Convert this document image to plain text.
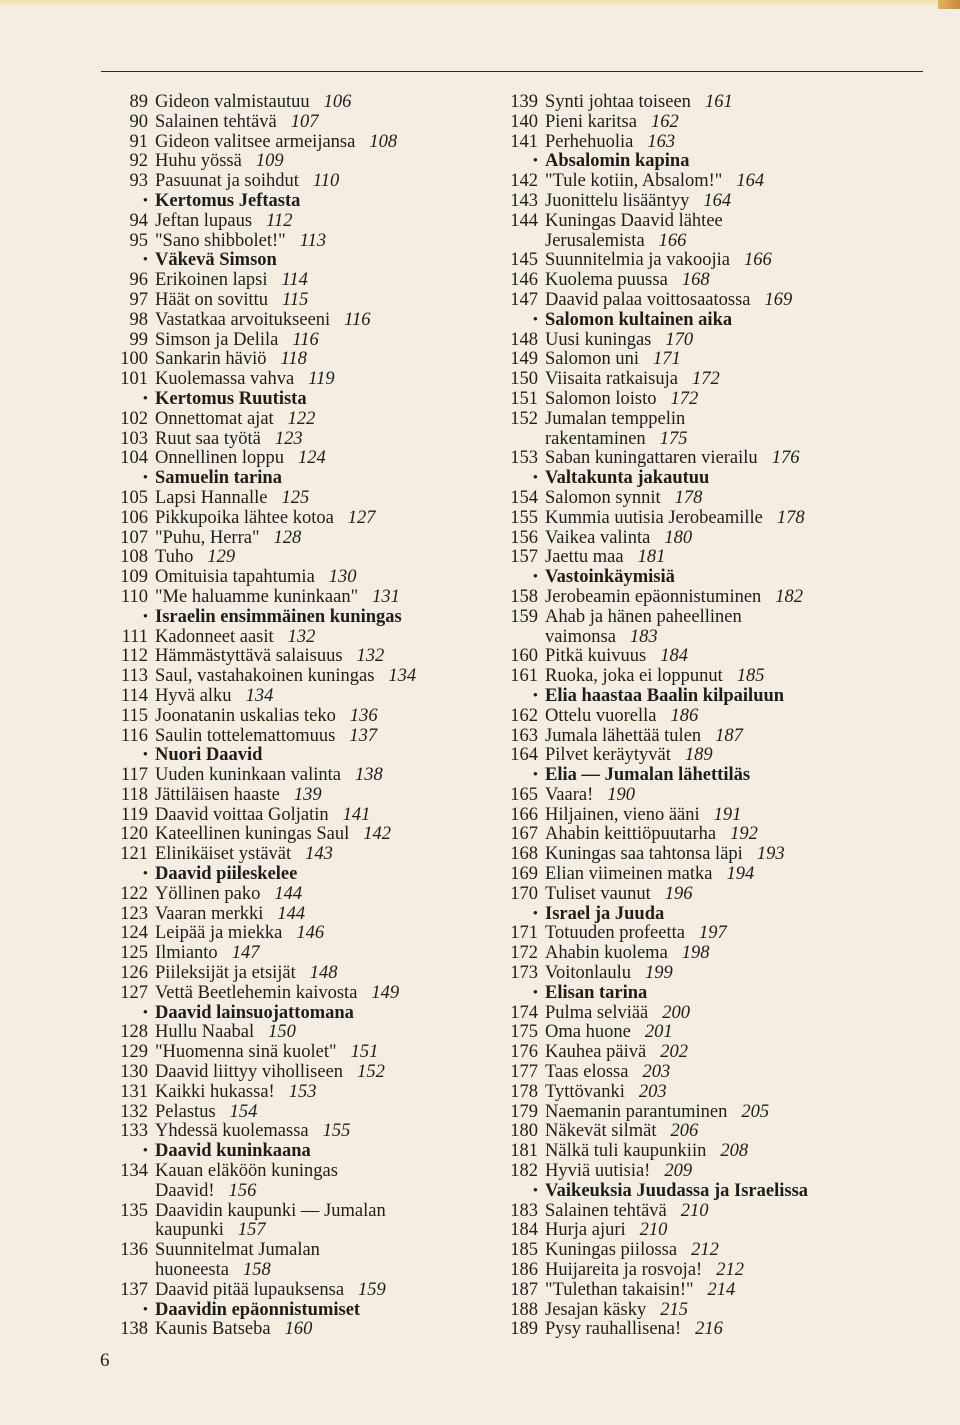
89 Gideon valmistautuu 106
90 Salainen tehtävä 107
91 Gideon valitsee armeijansa 108
92 Huhu yössä 109
93 Pasuunat ja soihdut 110
• Kertomus Jeftasta
94 Jeftan lupaus 112
95 "Sano shibbolet!" 113
• Väkevä Simson
96 Erikoinen lapsi 114
97 Häät on sovittu 115
98 Vastatkaa arvoitukseeni 116
99 Simson ja Delila 116
100 Sankarin häviö 118
101 Kuolemassa vahva 119
• Kertomus Ruutista
102 Onnettomat ajat 122
103 Ruut saa työtä 123
104 Onnellinen loppu 124
• Samuelin tarina
105 Lapsi Hannalle 125
106 Pikkupoika lähtee kotoa 127
107 "Puhu, Herra" 128
108 Tuho 129
109 Omituisia tapahtumia 130
110 "Me haluamme kuninkaan" 131
• Israelin ensimmäinen kuningas
111 Kadonneet aasit 132
112 Hämmästyttävä salaisuus 132
113 Saul, vastahakoinen kuningas 134
114 Hyvä alku 134
115 Joonatanin uskalias teko 136
116 Saulin tottelemattomuus 137
• Nuori Daavid
117 Uuden kuninkaan valinta 138
118 Jättiläisen haaste 139
119 Daavid voittaa Goljatin 141
120 Kateellinen kuningas Saul 142
121 Elinikäiset ystävät 143
• Daavid piileskelee
122 Yöllinen pako 144
123 Vaaran merkki 144
124 Leipää ja miekka 146
125 Ilmianto 147
126 Piileksijät ja etsijät 148
127 Vettä Beetlehemin kaivosta 149
• Daavid lainsuojattomana
128 Hullu Naabal 150
129 "Huomenna sinä kuolet" 151
130 Daavid liittyy viholliseen 152
131 Kaikki hukassa! 153
132 Pelastus 154
133 Yhdessä kuolemassa 155
• Daavid kuninkaana
134 Kauan eläköön kuningas
Daavid! 156
135 Daavidin kaupunki — Jumalan
kaupunki 157
136 Suunnitelmat Jumalan
huoneesta 158
137 Daavid pitää lupauksensa 159
• Daavidin epäonnistumiset
138 Kaunis Batseba 160
139 Synti johtaa toiseen 161
140 Pieni karitsa 162
141 Perhehuolia 163
• Absalomin kapina
142 "Tule kotiin, Absalom!" 164
143 Juonittelu lisääntyy 164
144 Kuningas Daavid lähtee
Jerusalemista 166
145 Suunnitelmia ja vakoojia 166
146 Kuolema puussa 168
147 Daavid palaa voittosaatossa 169
• Salomon kultainen aika
148 Uusi kuningas 170
149 Salomon uni 171
150 Viisaita ratkaisuja 172
151 Salomon loisto 172
152 Jumalan temppelin
rakentaminen 175
153 Saban kuningattaren vierailu 176
• Valtakunta jakautuu
154 Salomon synnit 178
155 Kummia uutisia Jerobeamille 178
156 Vaikea valinta 180
157 Jaettu maa 181
• Vastoinkäymisiä
158 Jerobeamin epäonnistuminen 182
159 Ahab ja hänen paheellinen
vaimonsa 183
160 Pitkä kuivuus 184
161 Ruoka, joka ei loppunut 185
• Elia haastaa Baalin kilpailuun
162 Ottelu vuorella 186
163 Jumala lähettää tulen 187
164 Pilvet keräytyvät 189
• Elia — Jumalan lähettiläs
165 Vaara! 190
166 Hiljainen, vieno ääni 191
167 Ahabin keittiöpuutarha 192
168 Kuningas saa tahtonsa läpi 193
169 Elian viimeinen matka 194
170 Tuliset vaunut 196
• Israel ja Juuda
171 Totuuden profeetta 197
172 Ahabin kuolema 198
173 Voitonlaulu 199
• Elisan tarina
174 Pulma selviää 200
175 Oma huone 201
176 Kauhea päivä 202
177 Taas elossa 203
178 Tyttövanki 203
179 Naemanin parantuminen 205
180 Näkevät silmät 206
181 Nälkä tuli kaupunkiin 208
182 Hyviä uutisia! 209
• Vaikeuksia Juudassa ja Israelissa
183 Salainen tehtävä 210
184 Hurja ajuri 210
185 Kuningas piilossa 212
186 Huijareita ja rosvoja! 212
187 "Tulethan takaisin!" 214
188 Jesajan käsky 215
189 Pysy rauhallisena! 216
6
